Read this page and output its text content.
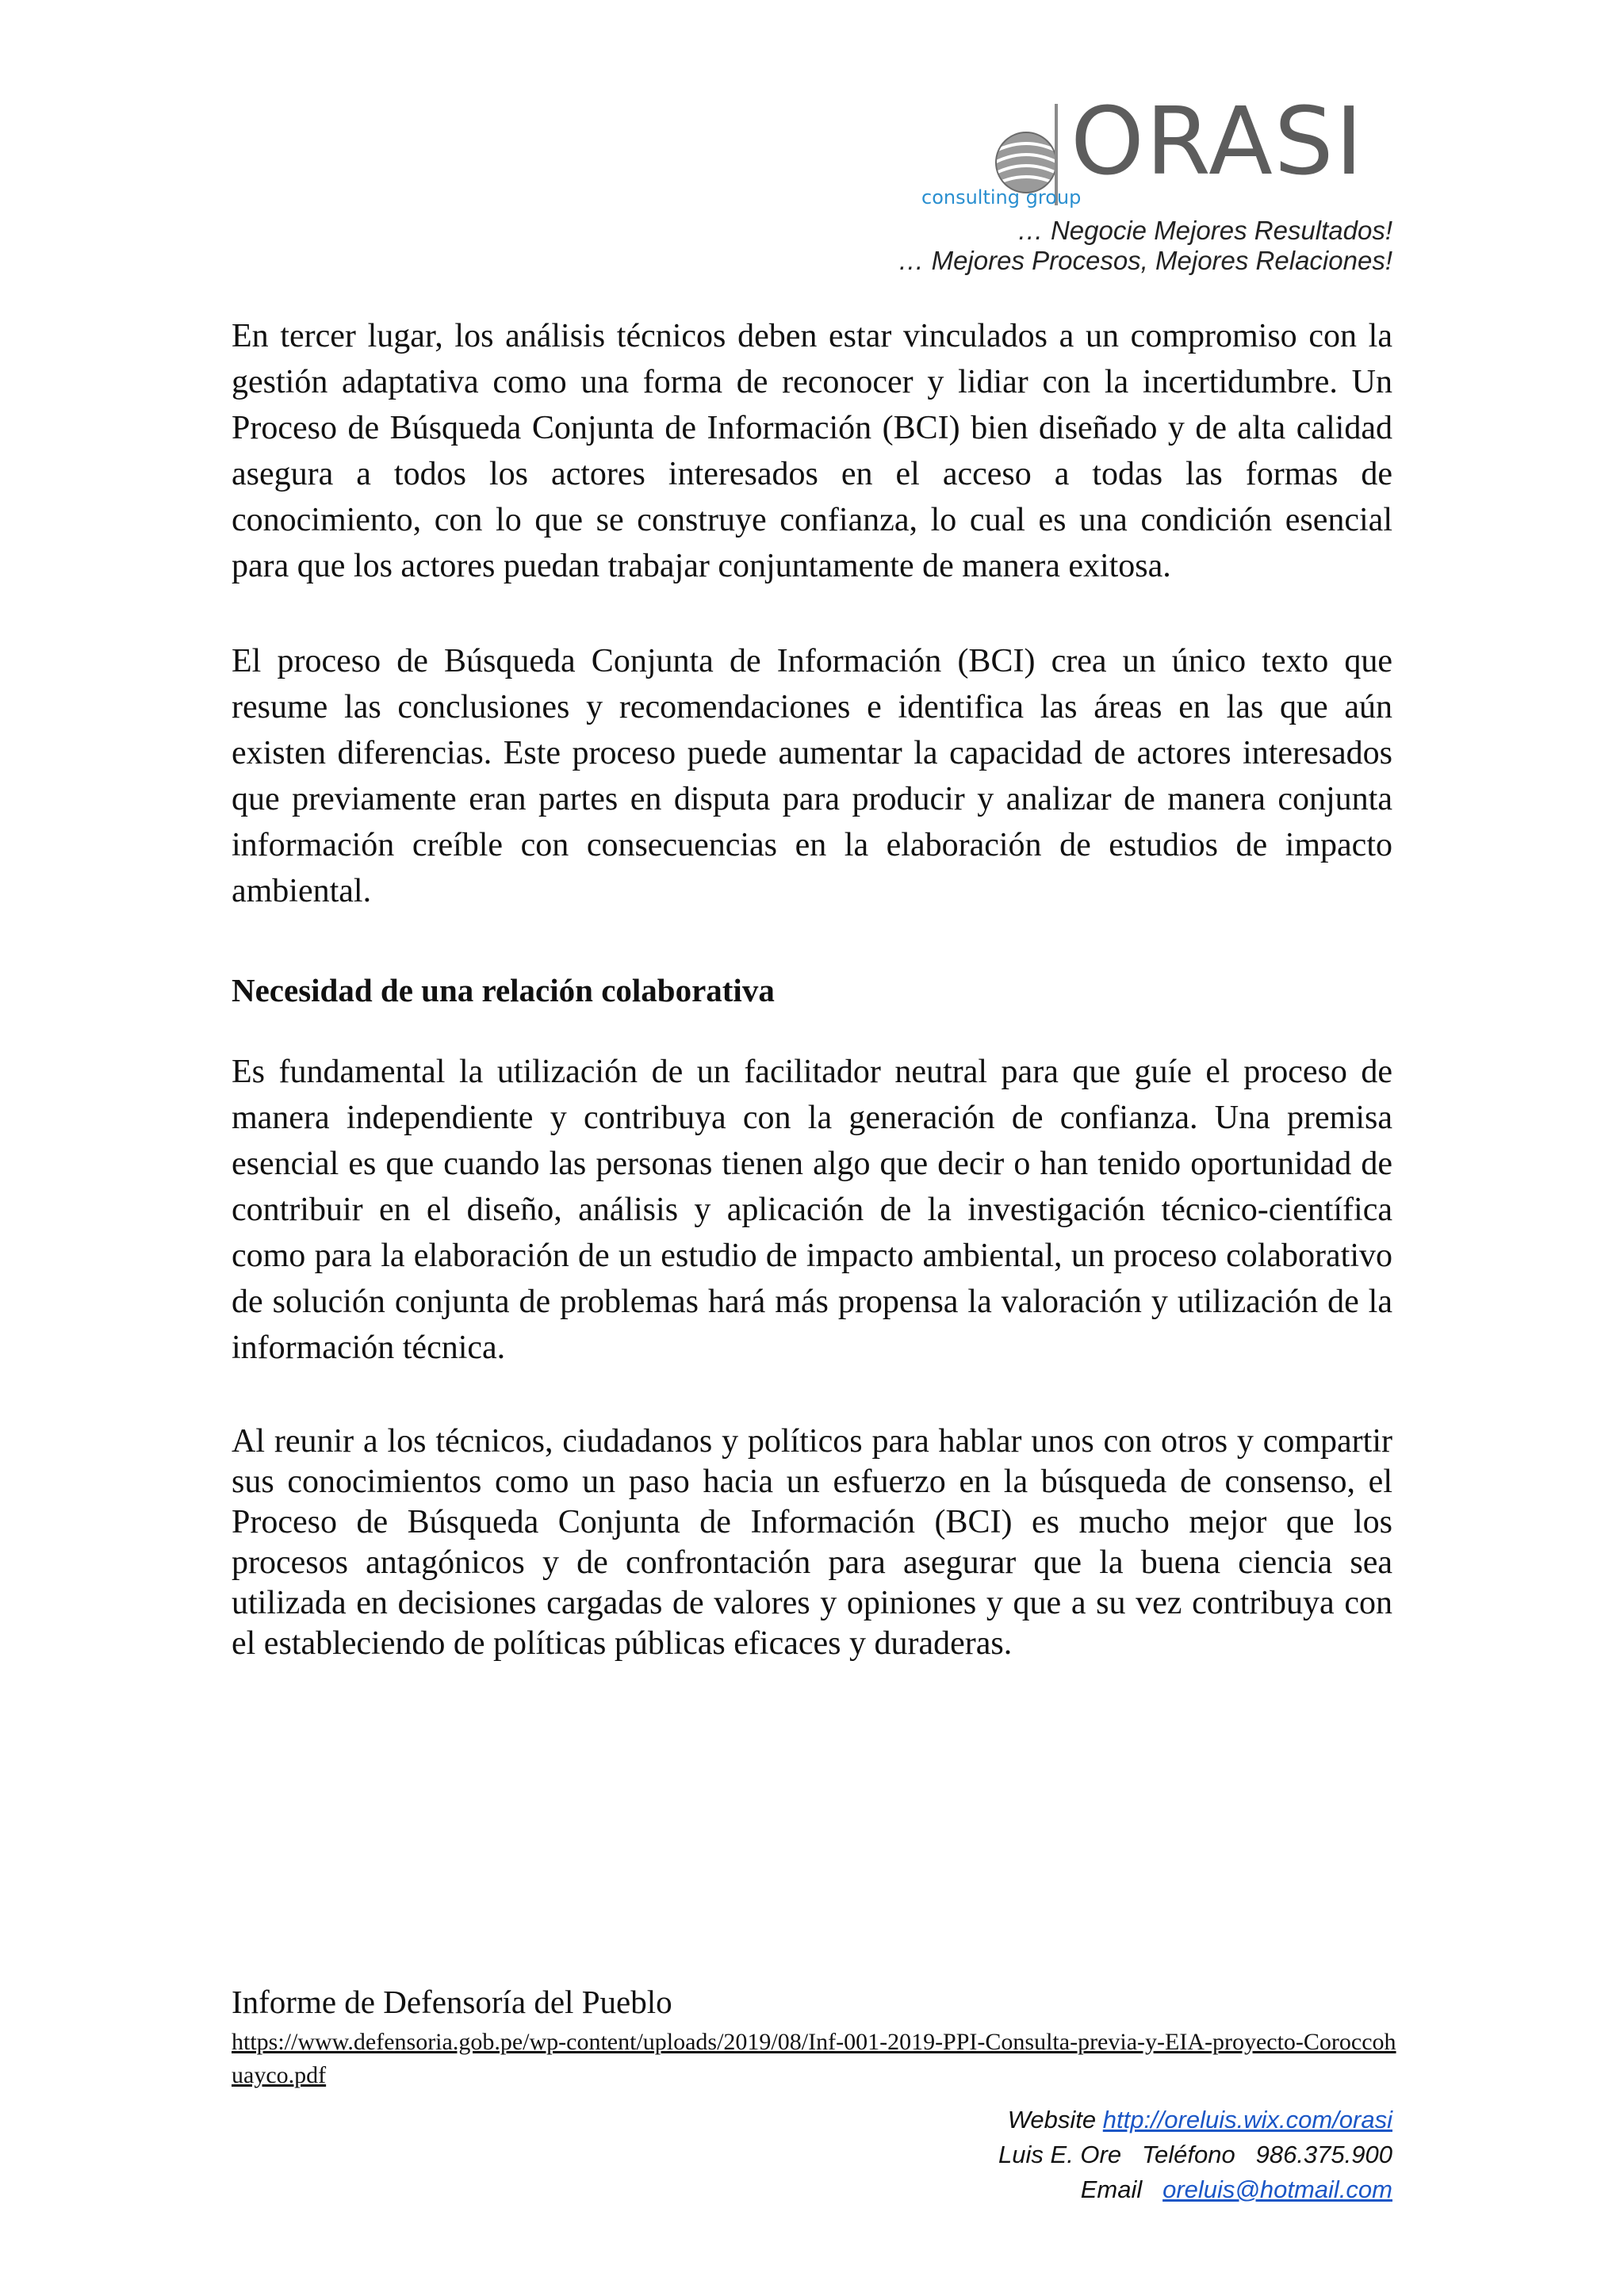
ORASI
consulting group
… Negocie Mejores Resultados!
… Mejores Procesos, Mejores Relaciones!

En tercer lugar, los análisis técnicos deben estar vinculados a un compromiso con la gestión adaptativa como una forma de reconocer y lidiar con la incertidumbre. Un Proceso de Búsqueda Conjunta de Información (BCI) bien diseñado y de alta calidad asegura a todos los actores interesados en el acceso a todas las formas de conocimiento, con lo que se construye confianza, lo cual es una condición esencial para que los actores puedan trabajar conjuntamente de manera exitosa.

El proceso de Búsqueda Conjunta de Información (BCI) crea un único texto que resume las conclusiones y recomendaciones e identifica las áreas en las que aún existen diferencias. Este proceso puede aumentar la capacidad de actores interesados que previamente eran partes en disputa para producir y analizar de manera conjunta información creíble con consecuencias en la elaboración de estudios de impacto ambiental.

Necesidad de una relación colaborativa

Es fundamental la utilización de un facilitador neutral para que guíe el proceso de manera independiente y contribuya con la generación de confianza. Una premisa esencial es que cuando las personas tienen algo que decir o han tenido oportunidad de contribuir en el diseño, análisis y aplicación de la investigación técnico-científica como para la elaboración de un estudio de impacto ambiental, un proceso colaborativo de solución conjunta de problemas hará más propensa la valoración y utilización de la información técnica.

Al reunir a los técnicos, ciudadanos y políticos para hablar unos con otros y compartir sus conocimientos como un paso hacia un esfuerzo en la búsqueda de consenso, el Proceso de Búsqueda Conjunta de Información (BCI) es mucho mejor que los procesos antagónicos y de confrontación para asegurar que la buena ciencia sea utilizada en decisiones cargadas de valores y opiniones y que a su vez contribuya con el estableciendo de políticas públicas eficaces y duraderas.

Informe de Defensoría del Pueblo
https://www.defensoria.gob.pe/wp-content/uploads/2019/08/Inf-001-2019-PPI-Consulta-previa-y-EIA-proyecto-Coroccohuayco.pdf
Website http://oreluis.wix.com/orasi
Luis E. Ore Teléfono 986.375.900
Email oreluis@hotmail.com
